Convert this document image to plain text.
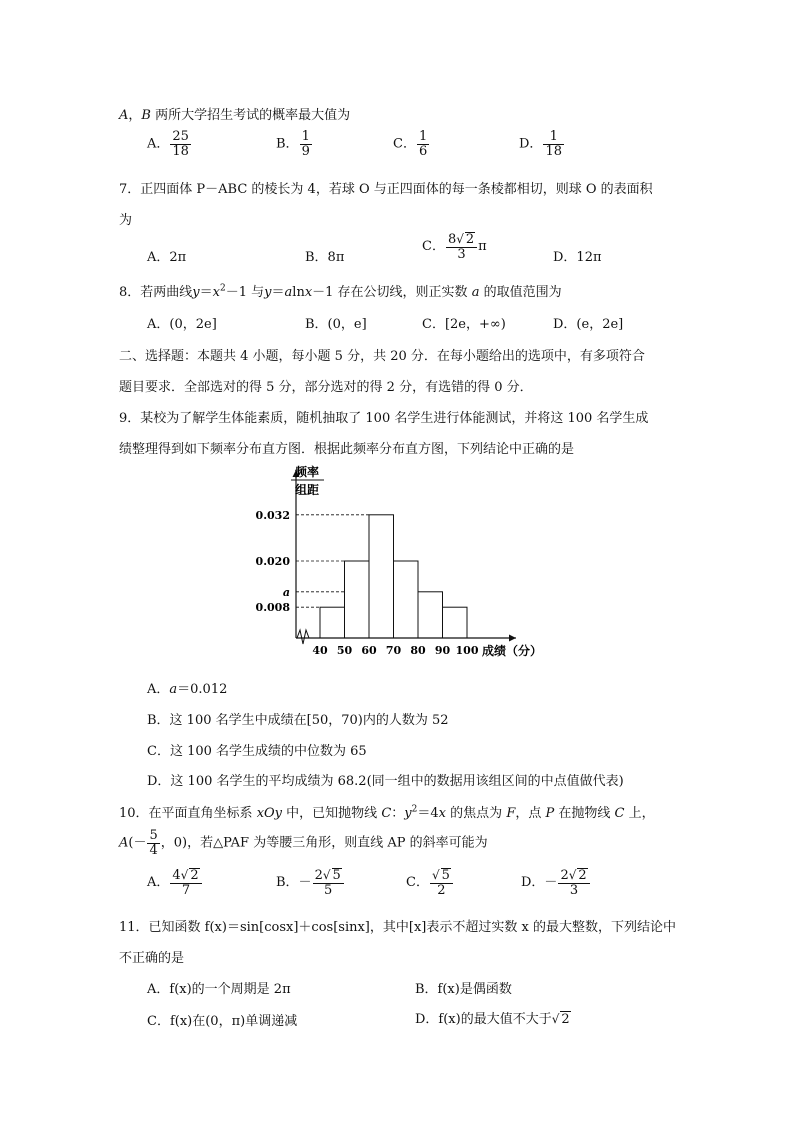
A，B 两所大学招生考试的概率最大值为
A． $\frac{25}{18}$	B． $\frac{1}{9}$	C． $\frac{1}{6}$	D． $\frac{1}{18}$
7．正四面体 P－ABC 的棱长为 4，若球 O 与正四面体的每一条棱都相切，则球 O 的表面积
为
A．2π	B．8π
C． $\frac{8√ 2}{3}$ π
D．12π
8．若两曲线$y=x^2-1$ 与y＝alnx－1 存在公切线，则正实数 a 的取值范围为
A．(0，2e]	B．(0，e]	C．[2e，+∞)	D．(e，2e]
二、选择题：本题共 4 小题，每小题 5 分，共 20 分．在每小题给出的选项中，有多项符合
题目要求．全部选对的得 5 分，部分选对的得 2 分，有选错的得 0 分．
9．某校为了解学生体能素质，随机抽取了 100 名学生进行体能测试，并将这 100 名学生成
绩整理得到如下频率分布直方图．根据此频率分布直方图，下列结论中正确的是
0.032
0.020
a
0.008
40 50 60 70 80 90 100 成绩（分）
频率
组距
A．a＝0.012
B．这 100 名学生中成绩在[50，70)内的人数为 52
C．这 100 名学生成绩的中位数为 65
D．这 100 名学生的平均成绩为 68.2(同一组中的数据用该组区间的中点值做代表)
10．在平面直角坐标系 xOy 中，已知抛物线 C：$y^2=4x$ 的焦点为 F，点 P 在抛物线 C 上，
$A(- \frac{5}{4}$ ，0)，若△PAF 为等腰三角形，则直线 AP 的斜率可能为
A． $\frac{4√ 2}{7}$	B．－ $\frac{2√ 5}{5}$	C． $\frac{√ 5}{2}$	D．－ $\frac{2√ 2}{3}$
11．已知函数 f(x)＝sin[cosx]＋cos[sinx]，其中[x]表示不超过实数 x 的最大整数，下列结论中
不正确的是
A．f(x)的一个周期是 2π	B．f(x)是偶函数
C．f(x)在(0，π)单调递减	D．f(x)的最大值不大于√ 2
